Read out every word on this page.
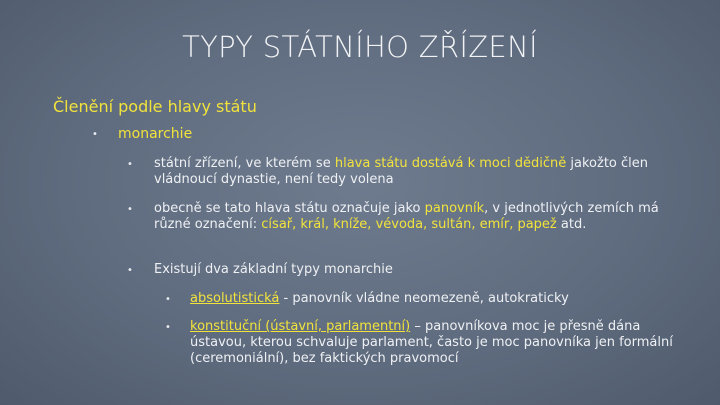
TYPY STÁTNÍHO ZŘÍZENÍ
Členění podle hlavy státu
• monarchie
• státní zřízení, ve kterém se hlava státu dostává k moci dědičně jakožto člen vládnoucí dynastie, není tedy volena
• obecně se tato hlava státu označuje jako panovník, v jednotlivých zemích má různé označení: císař, král, kníže, vévoda, sultán, emír, papež atd.
• Existují dva základní typy monarchie
• absolutistická - panovník vládne neomezeně, autokraticky
• konstituční (ústavní, parlamentní) – panovníkova moc je přesně dána ústavou, kterou schvaluje parlament, často je moc panovníka jen formální (ceremoniální), bez faktických pravomocí
